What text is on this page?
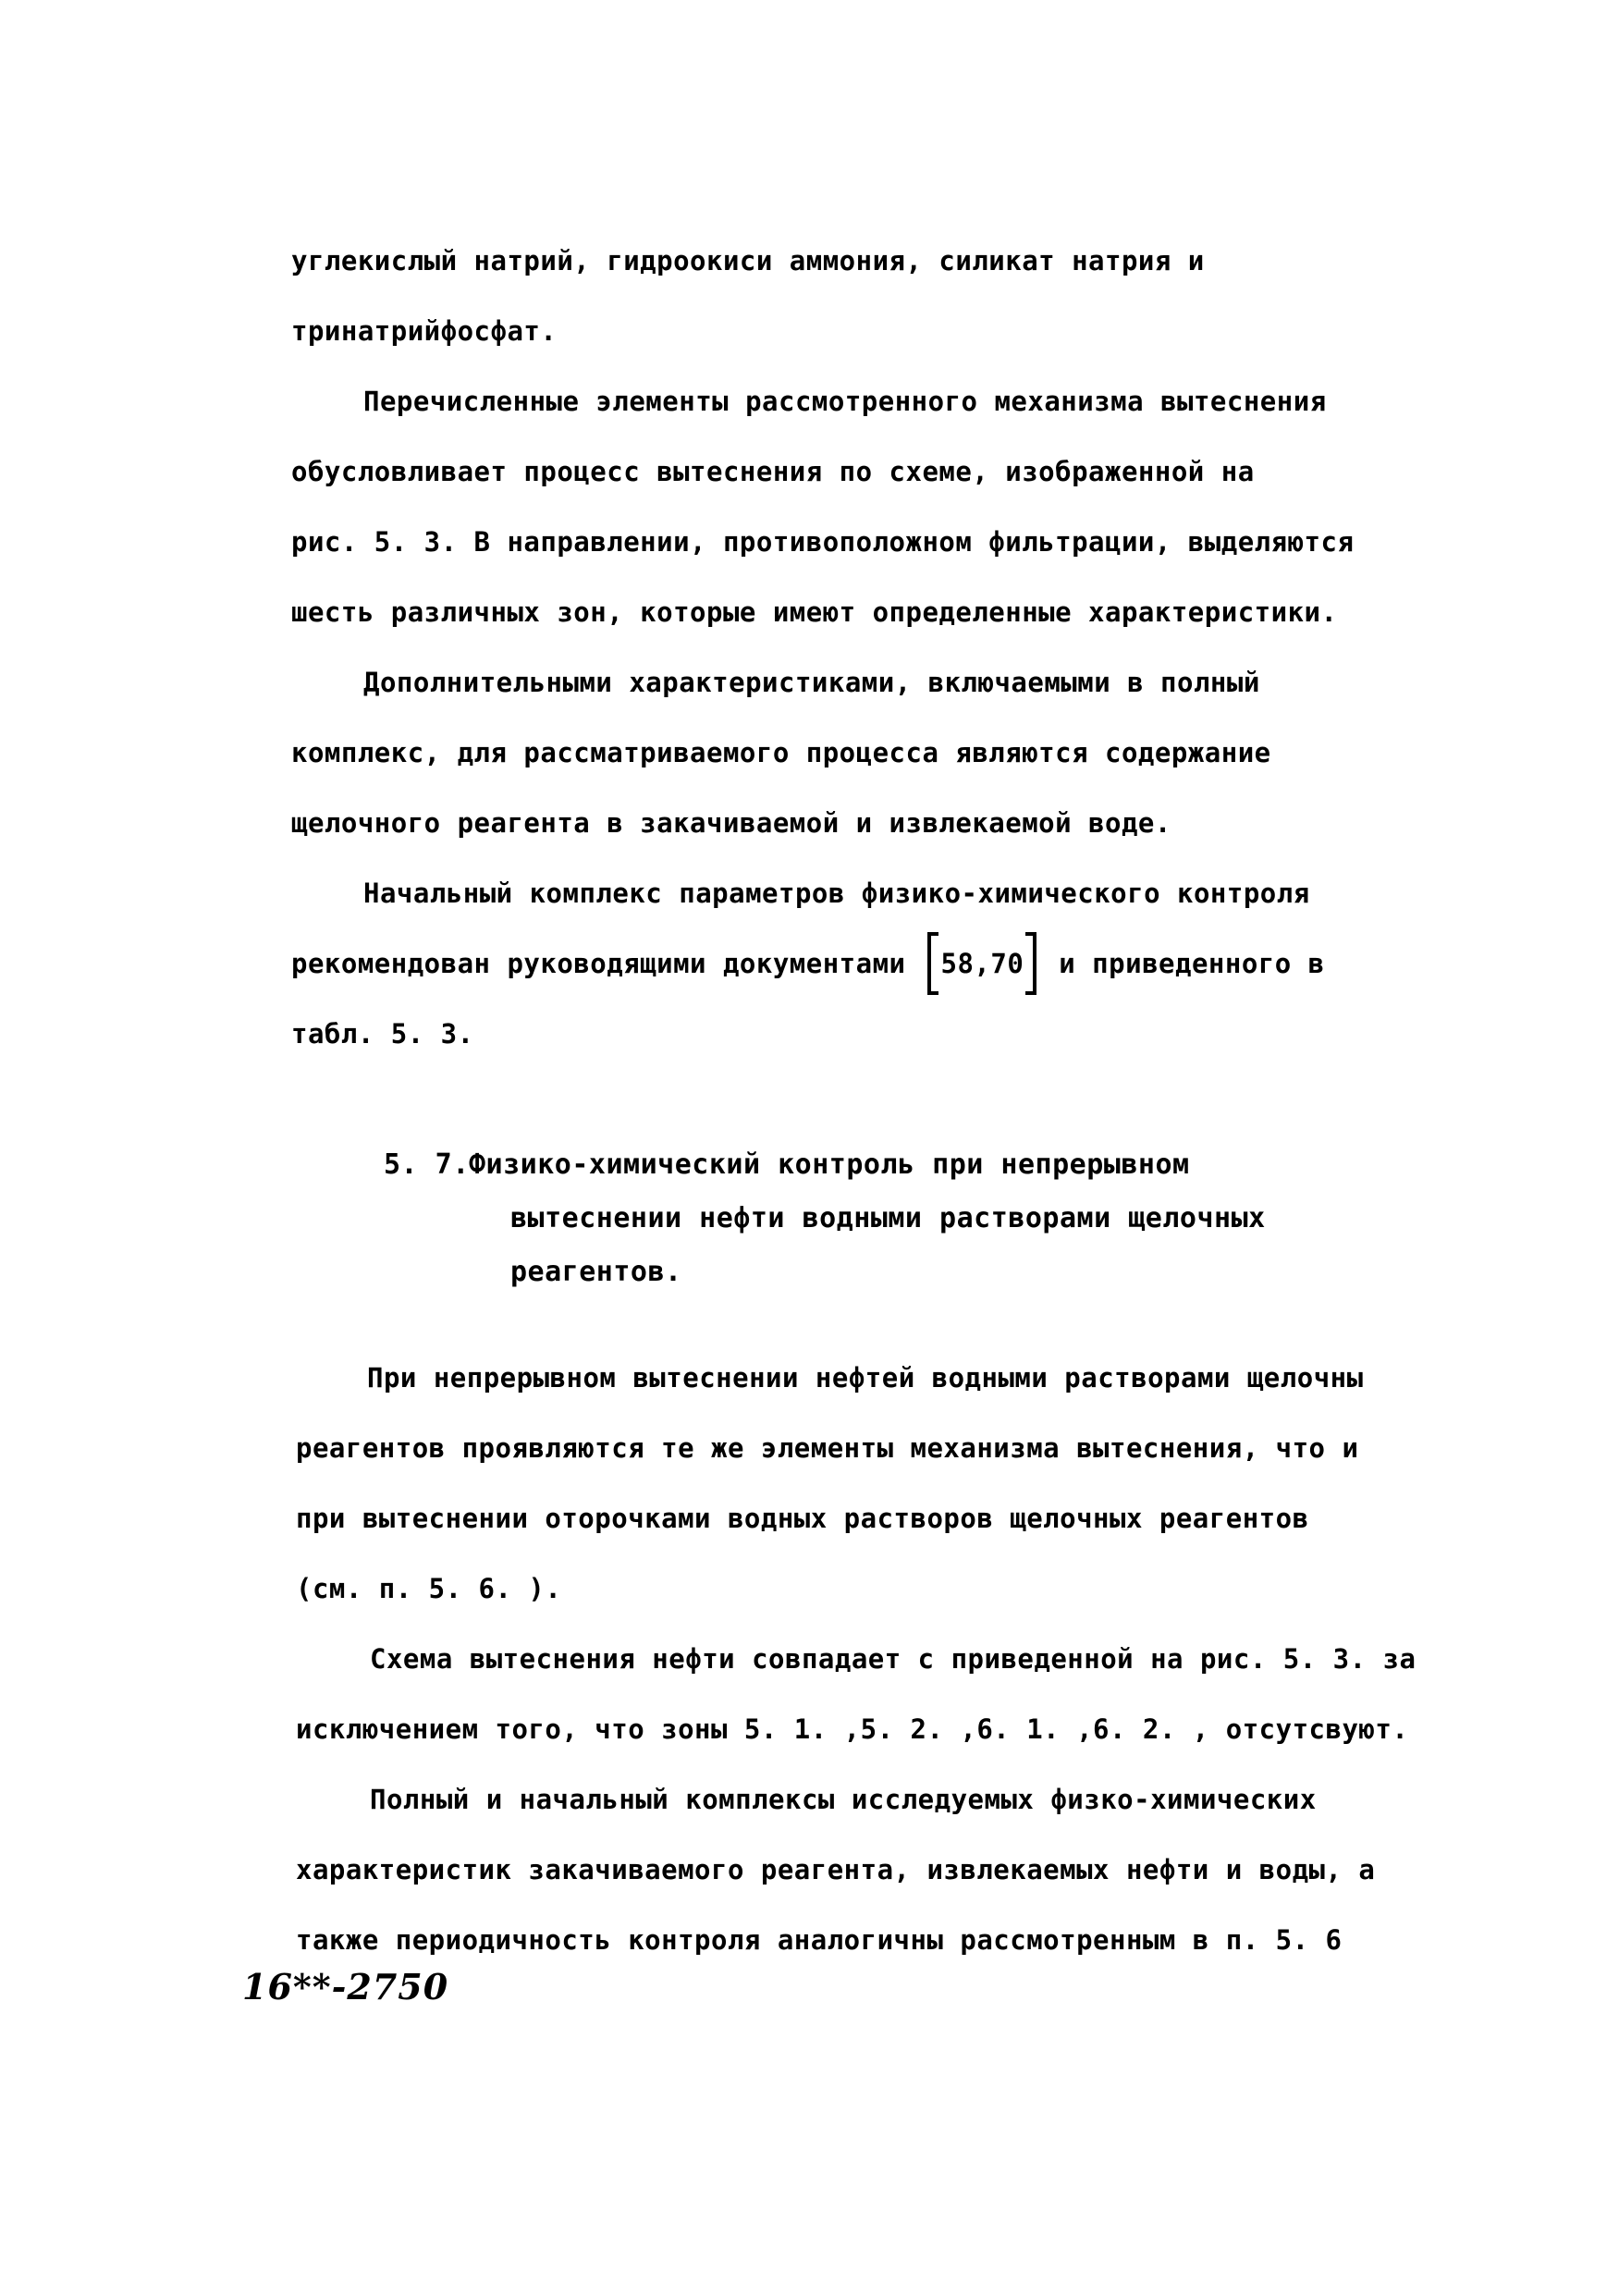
углекислый натрий, гидроокиси аммония, силикат натрия и
тринатрийфосфат.
Перечисленные элементы рассмотренного механизма вытеснения
обусловливает процесс вытеснения по схеме, изображенной на
рис. 5. 3. В направлении, противоположном фильтрации, выделяются
шесть различных зон, которые имеют определенные характеристики.
Дополнительными характеристиками, включаемыми в полный
комплекс, для рассматриваемого процесса являются содержание
щелочного реагента в закачиваемой и извлекаемой воде.
Начальный комплекс параметров физико-химического контроля
рекомендован руководящими документами 58,70 и приведенного в
табл. 5. 3.
5. 7. Физико-химический контроль при непрерывном
вытеснении нефти водными растворами щелочных
реагентов.
При непрерывном вытеснении нефтей водными растворами щелочны
реагентов проявляются те же элементы механизма вытеснения, что и
при вытеснении оторочками водных растворов щелочных реагентов
(см. п. 5. 6. ).
Схема вытеснения нефти совпадает с приведенной на рис. 5. 3. за
исключением того, что зоны 5. 1. ,5. 2. ,6. 1. ,6. 2. , отсутсвуют.
Полный и начальный комплексы исследуемых физко-химических
характеристик закачиваемого реагента, извлекаемых нефти и воды, а
также периодичность контроля аналогичны рассмотренным в п. 5. 6
16**-2750
